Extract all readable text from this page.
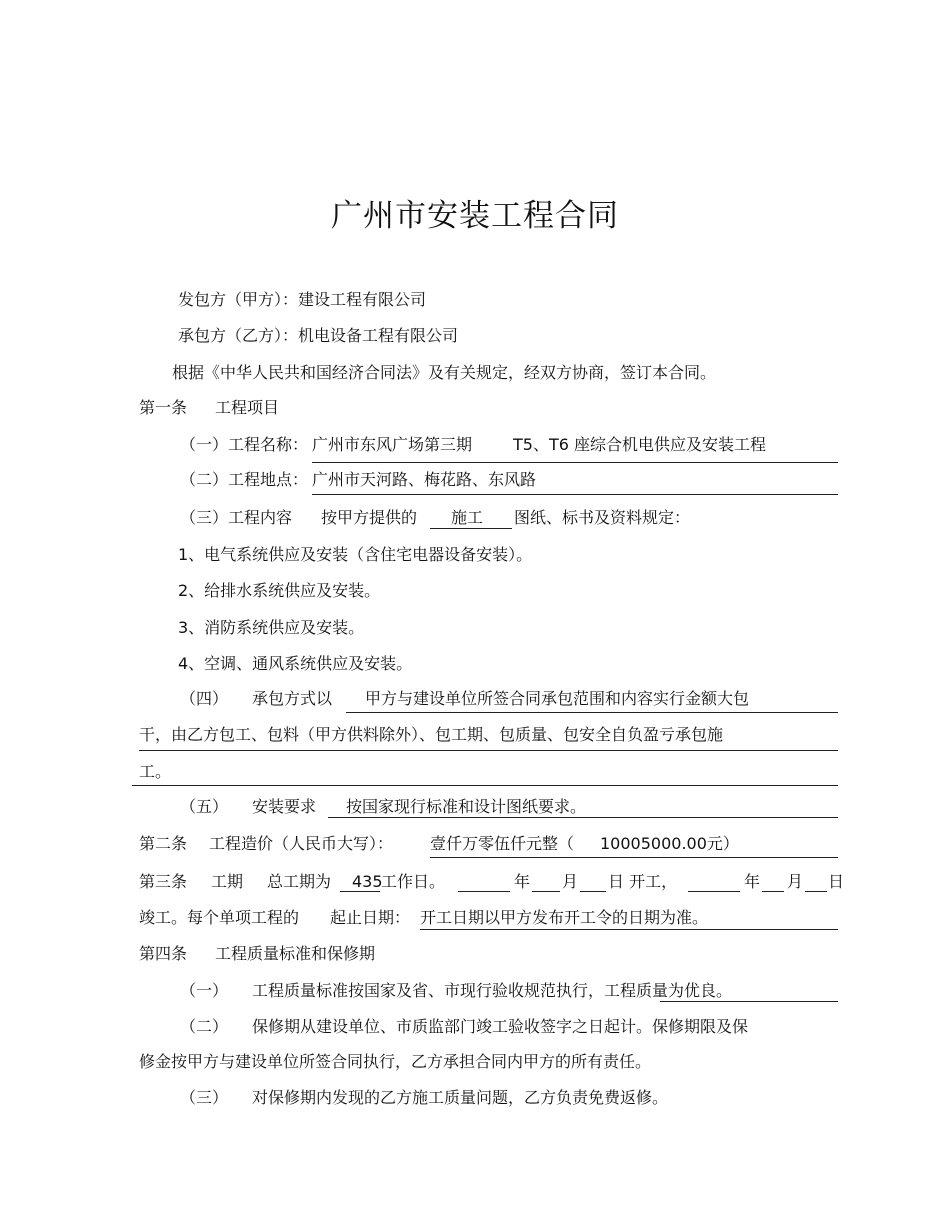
广州市安装工程合同
发包方（甲方）：建设工程有限公司
承包方（乙方）：机电设备工程有限公司
根据《中华人民共和国经济合同法》及有关规定，经双方协商，签订本合同。
第一条 工程项目
（一）工程名称： 广州市东风广场第三期	T5、T6 座综合机电供应及安装工程
（二）工程地点： 广州市天河路、梅花路、东风路
（三）工程内容 按甲方提供的 施工 图纸、标书及资料规定：
1、电气系统供应及安装（含住宅电器设备安装）。
2、给排水系统供应及安装。
3、消防系统供应及安装。
4、空调、通风系统供应及安装。
（四） 承包方式以 甲方与建设单位所签合同承包范围和内容实行金额大包
干，由乙方包工、包料（甲方供料除外）、包工期、包质量、包安全自负盈亏承包施
工。
（五） 安装要求 按国家现行标准和设计图纸要求。
第二条 工程造价（人民币大写）： 壹仟万零伍仟元整（ 10005000.00元）
第三条 工期 总工期为 435
工作日。	年 月 日 开工，	年 月 日
竣工。每个单项工程的 起止日期： 开工日期以甲方发布开工令的日期为准。
第四条 工程质量标准和保修期
（一） 工程质量标准按国家及省、市现行验收规范执行，工程质量为优良。
（二） 保修期从建设单位、市质监部门竣工验收签字之日起计。保修期限及保
修金按甲方与建设单位所签合同执行，乙方承担合同内甲方的所有责任。
（三） 对保修期内发现的乙方施工质量问题，乙方负责免费返修。
